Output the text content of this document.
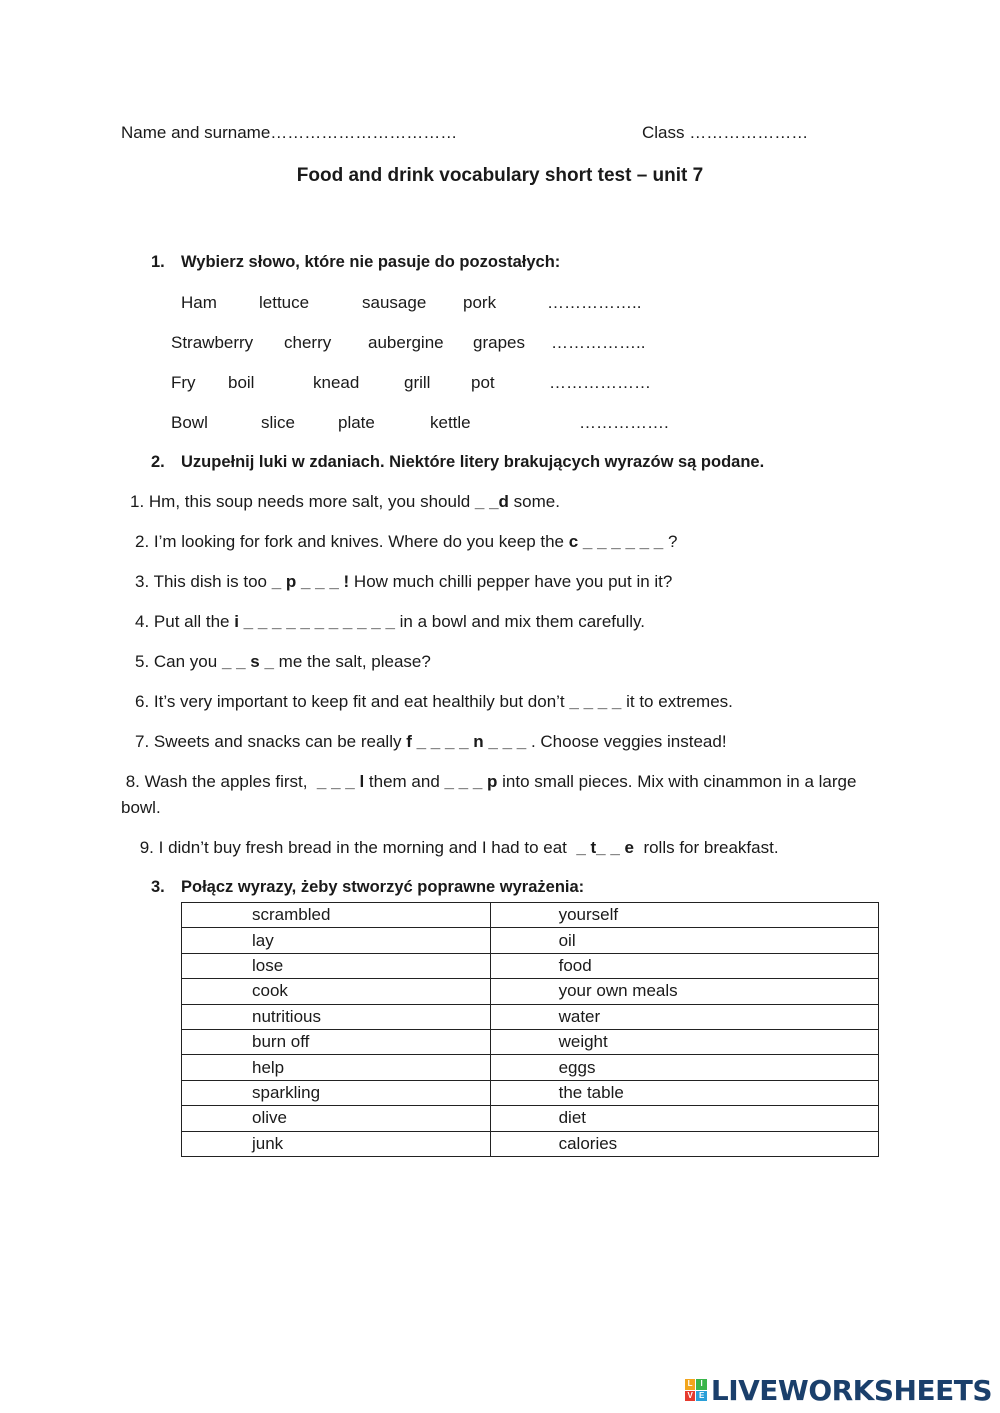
Name and surname……………………………	Class …………………
Food and drink vocabulary short test – unit 7
1. Wybierz słowo, które nie pasuje do pozostałych:
Ham lettuce	sausage pork	……………..
Strawberry cherry aubergine grapes ……………..
Fry boil	knead	grill pot	………………
Bowl	slice	plate	kettle	…………….
2. Uzupełnij luki w zdaniach. Niektóre litery brakujących wyrazów są podane.
1. Hm, this soup needs more salt, you should _ _d some.
2. I’m looking for fork and knives. Where do you keep the c _ _ _ _ _ _ ?
3. This dish is too _ p _ _ _ ! How much chilli pepper have you put in it?
4. Put all the i _ _ _ _ _ _ _ _ _ _ _ in a bowl and mix them carefully.
5. Can you _ _ s _ me the salt, please?
6. It’s very important to keep fit and eat healthily but don’t _ _ _ _ it to extremes.
7. Sweets and snacks can be really f _ _ _ _ n _ _ _ . Choose veggies instead!
8. Wash the apples first,  _ _ _ l them and _ _ _ p into small pieces. Mix with cinammon in a large bowl.
9. I didn’t buy fresh bread in the morning and I had to eat  _ t_ _ e  rolls for breakfast.
3. Połącz wyrazy, żeby stworzyć poprawne wyrażenia:
scrambled	yourself
lay	oil
lose	food
cook	your own meals
nutritious	water
burn off	weight
help	eggs
sparkling	the table
olive	diet
junk	calories
L I
V E LIVEWORKSHEETS
